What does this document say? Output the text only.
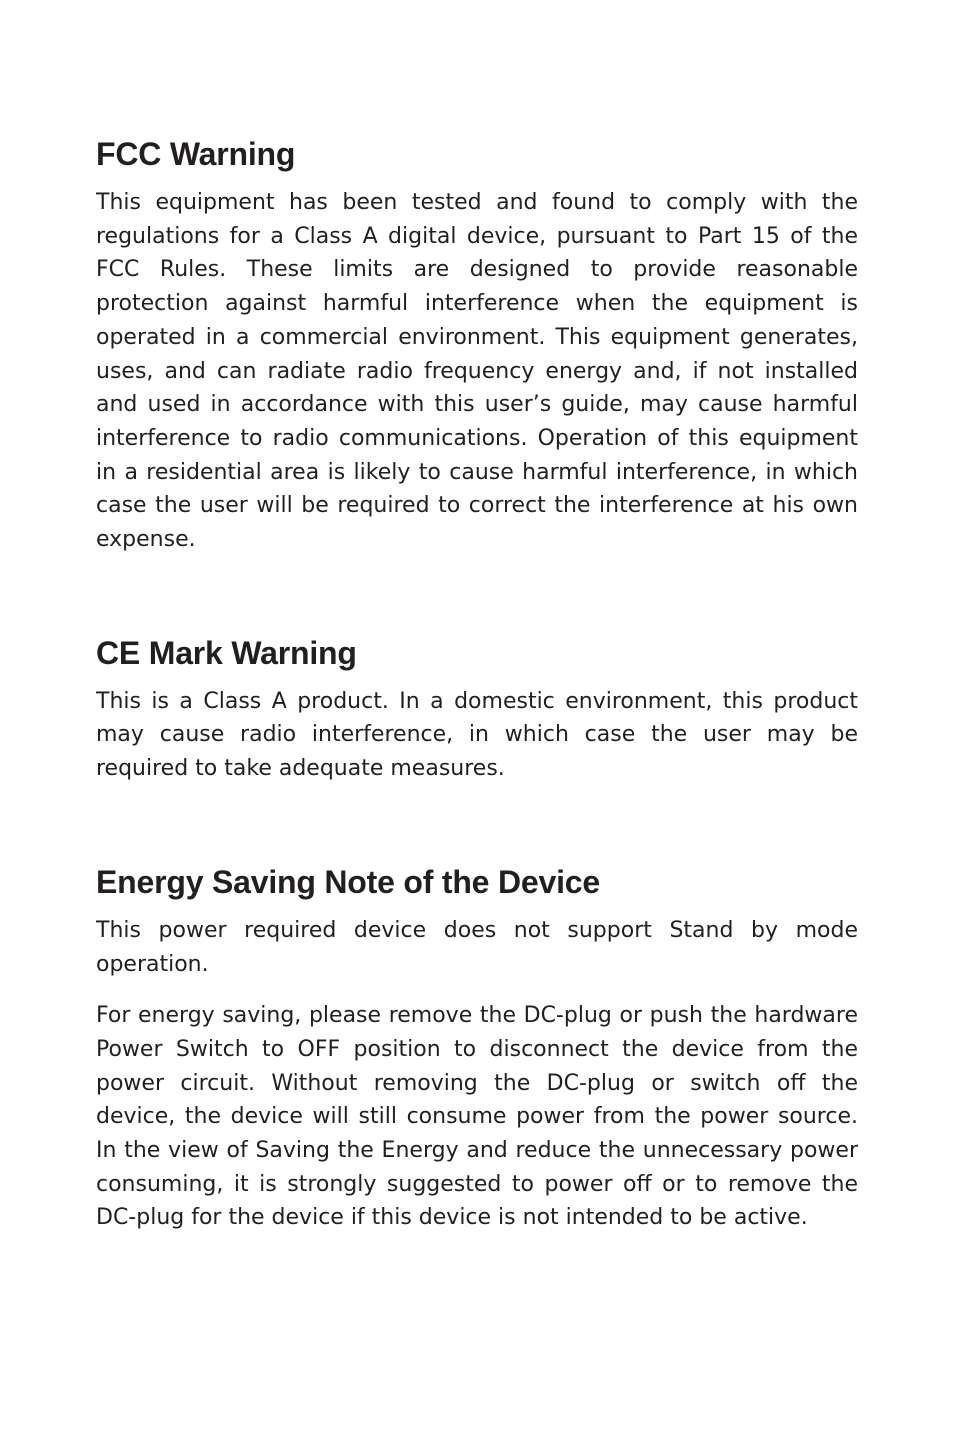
FCC Warning

This equipment has been tested and found to comply with the regulations for a Class A digital device, pursuant to Part 15 of the FCC Rules. These limits are designed to provide reasonable protection against harmful interference when the equipment is operated in a commercial environment. This equipment generates, uses, and can radiate radio frequency energy and, if not installed and used in accordance with this user’s guide, may cause harmful interference to radio communications. Operation of this equipment in a residential area is likely to cause harmful interference, in which case the user will be required to correct the interference at his own expense.

CE Mark Warning

This is a Class A product. In a domestic environment, this product may cause radio interference, in which case the user may be required to take adequate measures.

Energy Saving Note of the Device

This power required device does not support Stand by mode operation.

For energy saving, please remove the DC-plug or push the hardware Power Switch to OFF position to disconnect the device from the power circuit. Without removing the DC-plug or switch off the device, the device will still consume power from the power source. In the view of Saving the Energy and reduce the unnecessary power consuming, it is strongly suggested to power off or to remove the DC-plug for the device if this device is not intended to be active.
